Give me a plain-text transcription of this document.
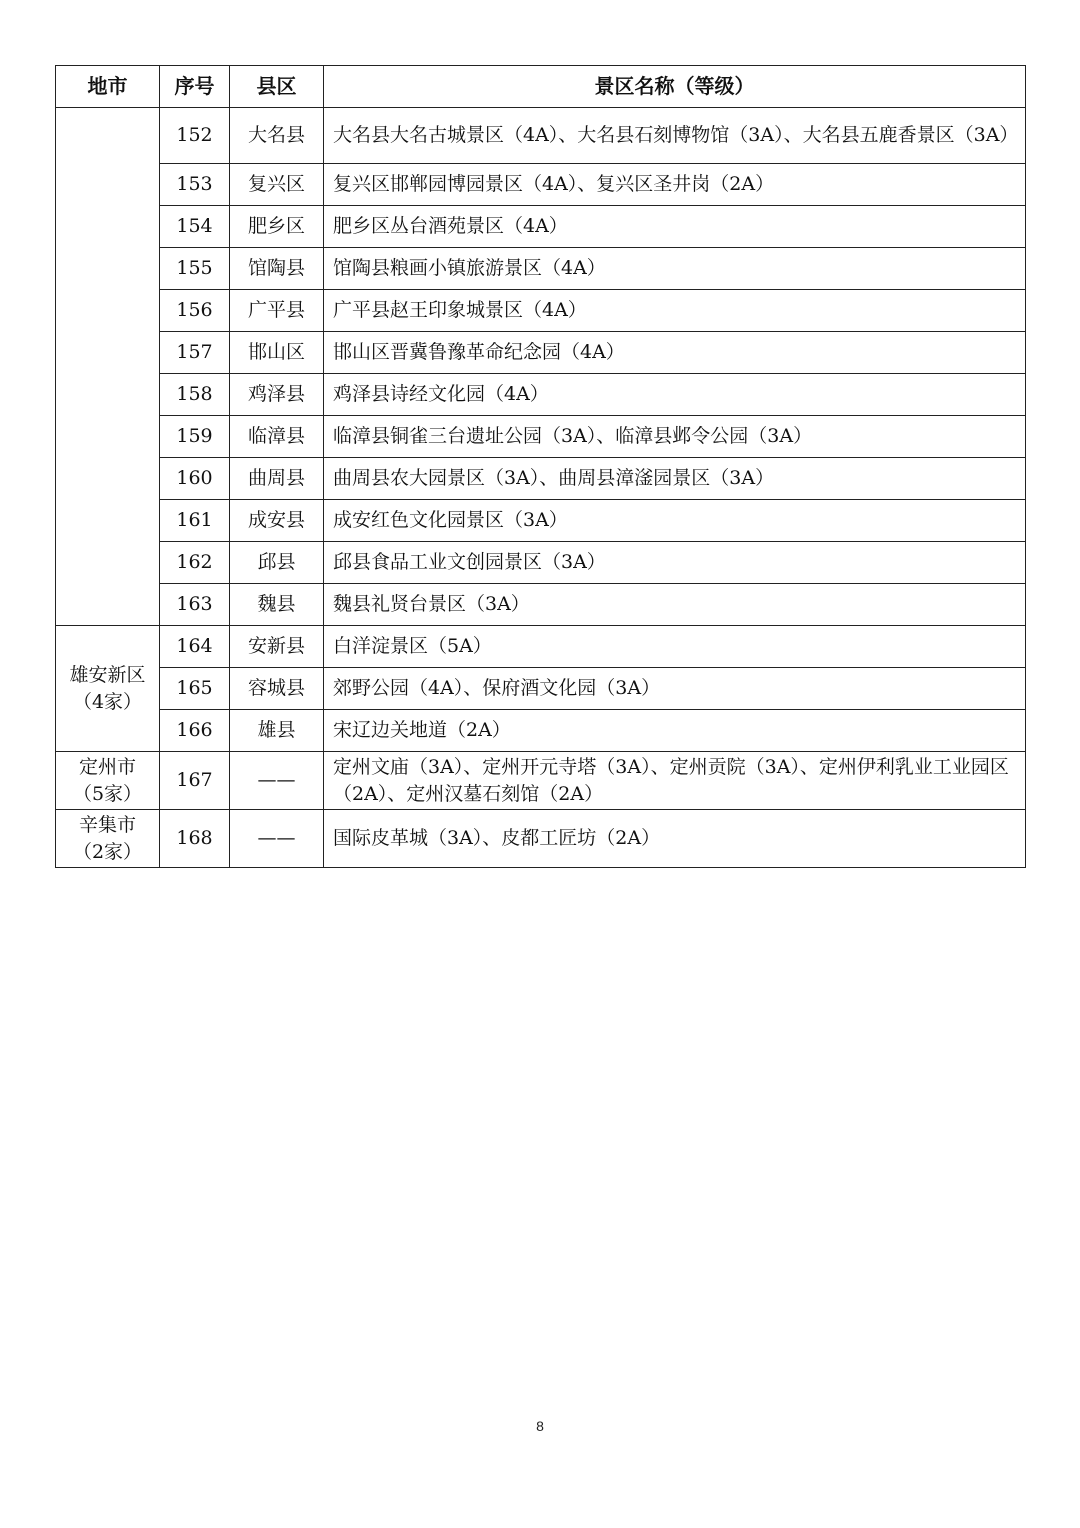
地市	序号	县区	景区名称（等级）
	152	大名县	大名县大名古城景区（4A）、大名县石刻博物馆（3A）、大名县五鹿香景区（3A）
	153	复兴区	复兴区邯郸园博园景区（4A）、复兴区圣井岗（2A）
	154	肥乡区	肥乡区丛台酒苑景区（4A）
	155	馆陶县	馆陶县粮画小镇旅游景区（4A）
	156	广平县	广平县赵王印象城景区（4A）
	157	邯山区	邯山区晋冀鲁豫革命纪念园（4A）
	158	鸡泽县	鸡泽县诗经文化园（4A）
	159	临漳县	临漳县铜雀三台遗址公园（3A）、临漳县邺令公园（3A）
	160	曲周县	曲周县农大园景区（3A）、曲周县漳滏园景区（3A）
	161	成安县	成安红色文化园景区（3A）
	162	邱县	邱县食品工业文创园景区（3A）
	163	魏县	魏县礼贤台景区（3A）
雄安新区（4家）	164	安新县	白洋淀景区（5A）
	165	容城县	郊野公园（4A）、保府酒文化园（3A）
	166	雄县	宋辽边关地道（2A）
定州市（5家）	167	——	定州文庙（3A）、定州开元寺塔（3A）、定州贡院（3A）、定州伊利乳业工业园区（2A）、定州汉墓石刻馆（2A）
辛集市（2家）	168	——	国际皮革城（3A）、皮都工匠坊（2A）
8
